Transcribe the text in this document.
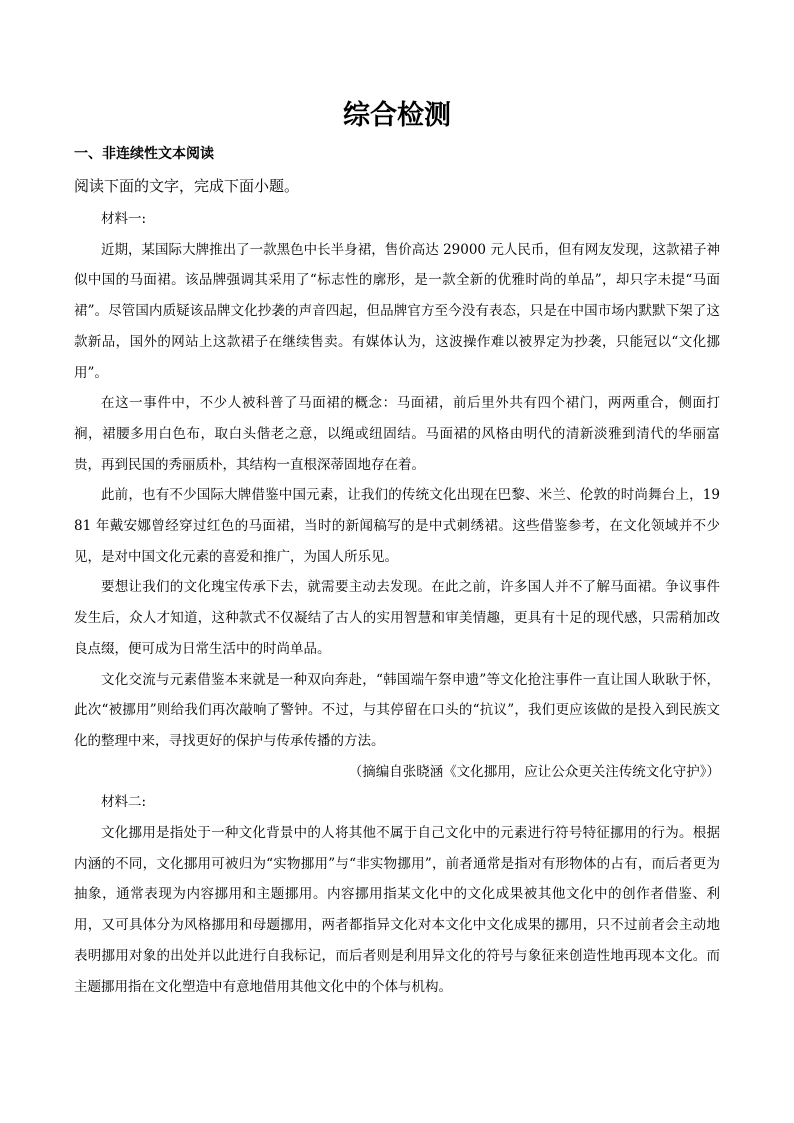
综合检测
一、非连续性文本阅读

阅读下面的文字，完成下面小题。

材料一:

近期，某国际大牌推出了一款黑色中长半身裙，售价高达 29000 元人民币，但有网友发现，这款裙子神似中国的马面裙。该品牌强调其采用了“标志性的廓形，是一款全新的优雅时尚的单品”，却只字未提“马面裙”。尽管国内质疑该品牌文化抄袭的声音四起，但品牌官方至今没有表态，只是在中国市场内默默下架了这款新品，国外的网站上这款裙子在继续售卖。有媒体认为，这波操作难以被界定为抄袭，只能冠以“文化挪用”。

在这一事件中，不少人被科普了马面裙的概念：马面裙，前后里外共有四个裙门，两两重合，侧面打裥，裙腰多用白色布，取白头偕老之意，以绳或纽固结。马面裙的风格由明代的清新淡雅到清代的华丽富贵，再到民国的秀丽质朴，其结构一直根深蒂固地存在着。

此前，也有不少国际大牌借鉴中国元素，让我们的传统文化出现在巴黎、米兰、伦敦的时尚舞台上，1981 年戴安娜曾经穿过红色的马面裙，当时的新闻稿写的是中式刺绣裙。这些借鉴参考，在文化领域并不少见，是对中国文化元素的喜爱和推广，为国人所乐见。

要想让我们的文化瑰宝传承下去，就需要主动去发现。在此之前，许多国人并不了解马面裙。争议事件发生后，众人才知道，这种款式不仅凝结了古人的实用智慧和审美情趣，更具有十足的现代感，只需稍加改良点缀，便可成为日常生活中的时尚单品。

文化交流与元素借鉴本来就是一种双向奔赴，“韩国端午祭申遗”等文化抢注事件一直让国人耿耿于怀，此次“被挪用”则给我们再次敲响了警钟。不过，与其停留在口头的“抗议”，我们更应该做的是投入到民族文化的整理中来，寻找更好的保护与传承传播的方法。

（摘编自张晓涵《文化挪用，应让公众更关注传统文化守护》）

材料二:

文化挪用是指处于一种文化背景中的人将其他不属于自己文化中的元素进行符号特征挪用的行为。根据内涵的不同，文化挪用可被归为“实物挪用”与“非实物挪用”，前者通常是指对有形物体的占有，而后者更为抽象，通常表现为内容挪用和主题挪用。内容挪用指某文化中的文化成果被其他文化中的创作者借鉴、利用，又可具体分为风格挪用和母题挪用，两者都指异文化对本文化中文化成果的挪用，只不过前者会主动地表明挪用对象的出处并以此进行自我标记，而后者则是利用异文化的符号与象征来创造性地再现本文化。而主题挪用指在文化塑造中有意地借用其他文化中的个体与机构。
